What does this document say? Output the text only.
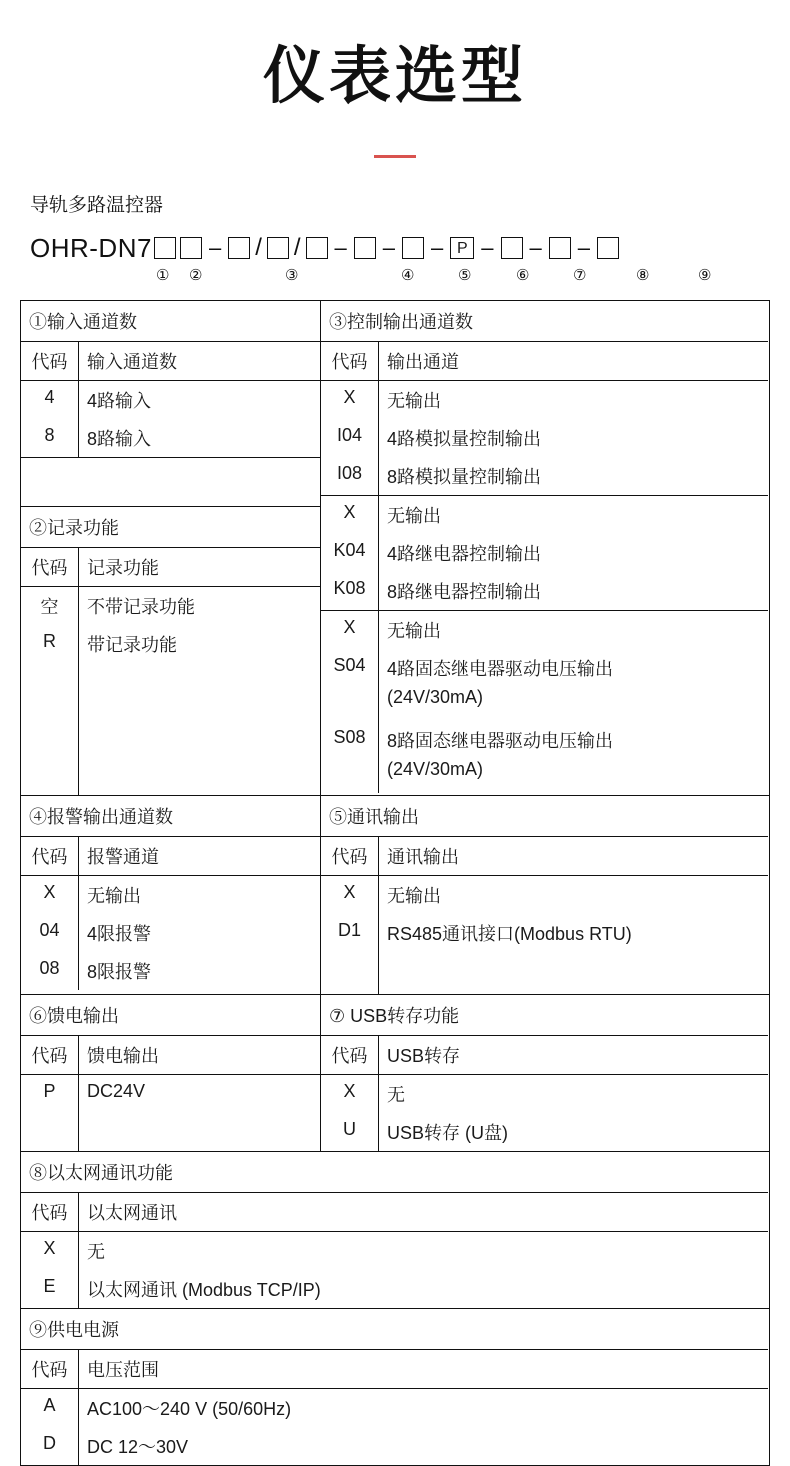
仪表选型
导轨多路温控器
OHR-DN7	– / / – – – P – – –
① ②	③	④	⑤	⑥	⑦	⑧	⑨
①输入通道数
代码	输入通道数
4	4路输入
8	8路输入
②记录功能
代码	记录功能
空	不带记录功能
R	带记录功能
③控制输出通道数
代码	输出通道
X	无输出
I04	4路模拟量控制输出
I08	8路模拟量控制输出
X	无输出
K04	4路继电器控制输出
K08	8路继电器控制输出
X	无输出
S04	4路固态继电器驱动电压输出
(24V/30mA)
S08	8路固态继电器驱动电压输出
(24V/30mA)
④报警输出通道数
代码	报警通道
X	无输出
04	4限报警
08	8限报警
⑤通讯输出
代码	通讯输出
X	无输出
D1	RS485通讯接口(Modbus RTU)
⑥馈电输出
代码	馈电输出
P	DC24V
⑦ USB转存功能
代码	USB转存
X	无
U	USB转存 (U盘)
⑧以太网通讯功能
代码	以太网通讯
X	无
E	以太网通讯 (Modbus TCP/IP)
⑨供电电源
代码	电压范围
A	AC100～240 V (50/60Hz)
D	DC 12～30V
